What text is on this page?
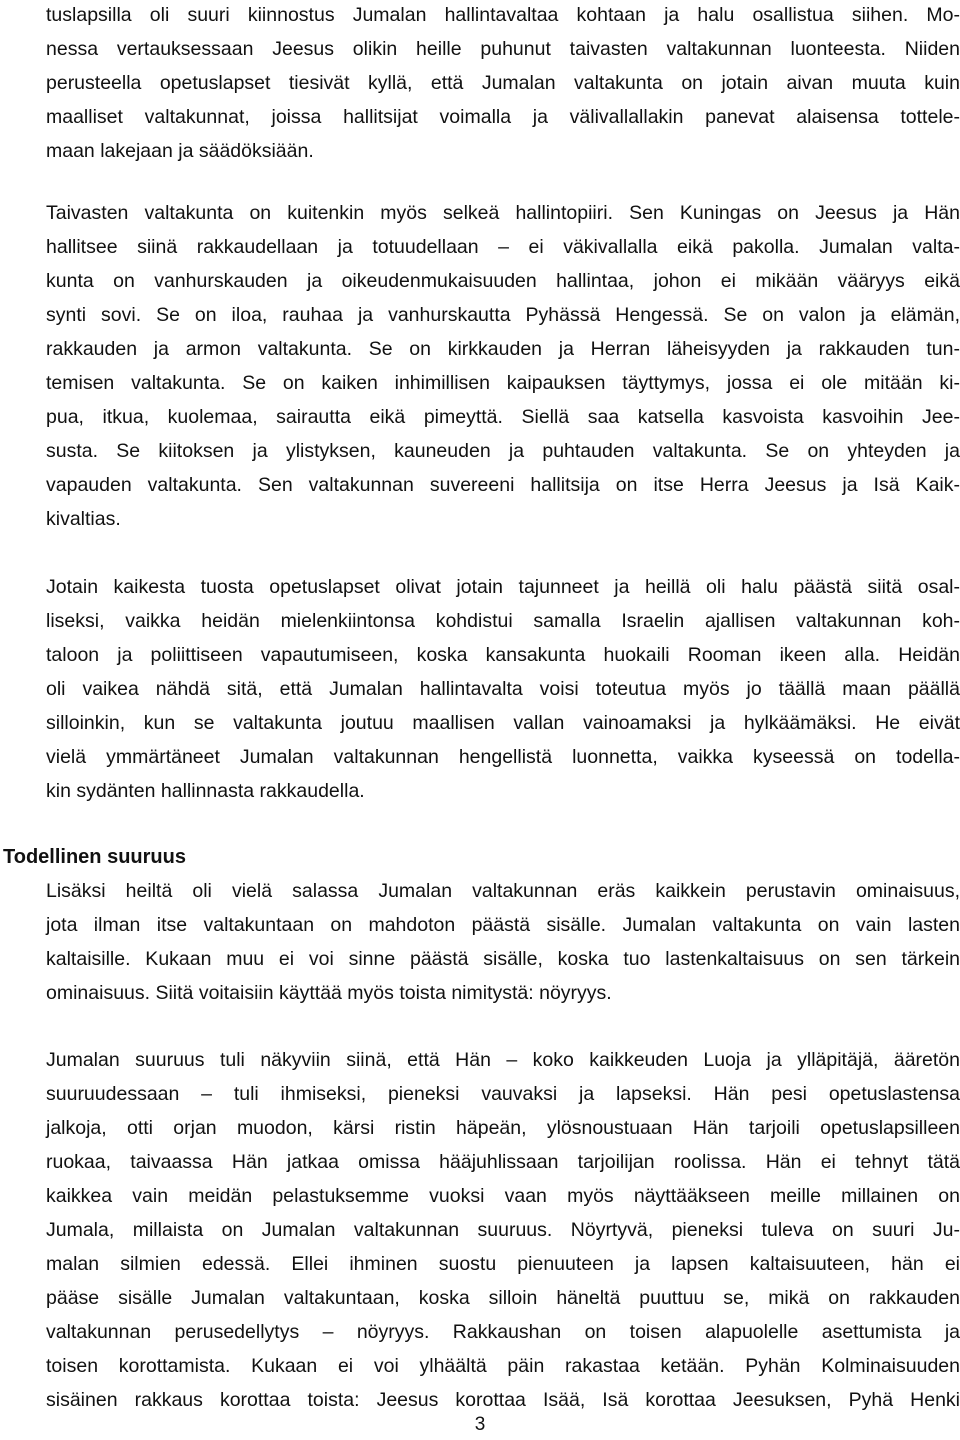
tuslapsilla oli suuri kiinnostus Jumalan hallintavaltaa kohtaan ja halu osallistua siihen. Mo-
nessa vertauksessaan Jeesus olikin heille puhunut taivasten valtakunnan luonteesta. Niiden
perusteella opetuslapset tiesivät kyllä, että Jumalan valtakunta on jotain aivan muuta kuin
maalliset valtakunnat, joissa hallitsijat voimalla ja välivallallakin panevat alaisensa tottele-
maan lakejaan ja säädöksiään.
Taivasten valtakunta on kuitenkin myös selkeä hallintopiiri. Sen Kuningas on Jeesus ja Hän
hallitsee siinä rakkaudellaan ja totuudellaan – ei väkivallalla eikä pakolla. Jumalan valta-
kunta on vanhurskauden ja oikeudenmukaisuuden hallintaa, johon ei mikään vääryys eikä
synti sovi. Se on iloa, rauhaa ja vanhurskautta Pyhässä Hengessä. Se on valon ja elämän,
rakkauden ja armon valtakunta. Se on kirkkauden ja Herran läheisyyden ja rakkauden tun-
temisen valtakunta. Se on kaiken inhimillisen kaipauksen täyttymys, jossa ei ole mitään ki-
pua, itkua, kuolemaa, sairautta eikä pimeyttä. Siellä saa katsella kasvoista kasvoihin Jee-
susta. Se kiitoksen ja ylistyksen, kauneuden ja puhtauden valtakunta. Se on yhteyden ja
vapauden valtakunta. Sen valtakunnan suvereeni hallitsija on itse Herra Jeesus ja Isä Kaik-
kivaltias.
Jotain kaikesta tuosta opetuslapset olivat jotain tajunneet ja heillä oli halu päästä siitä osal-
liseksi, vaikka heidän mielenkiintonsa kohdistui samalla Israelin ajallisen valtakunnan koh-
taloon ja poliittiseen vapautumiseen, koska kansakunta huokaili Rooman ikeen alla. Heidän
oli vaikea nähdä sitä, että Jumalan hallintavalta voisi toteutua myös jo täällä maan päällä
silloinkin, kun se valtakunta joutuu maallisen vallan vainoamaksi ja hylkäämäksi. He eivät
vielä ymmärtäneet Jumalan valtakunnan hengellistä luonnetta, vaikka kyseessä on todella-
kin sydänten hallinnasta rakkaudella.
Todellinen suuruus
Lisäksi heiltä oli vielä salassa Jumalan valtakunnan eräs kaikkein perustavin ominaisuus,
jota ilman itse valtakuntaan on mahdoton päästä sisälle. Jumalan valtakunta on vain lasten
kaltaisille. Kukaan muu ei voi sinne päästä sisälle, koska tuo lastenkaltaisuus on sen tärkein
ominaisuus. Siitä voitaisiin käyttää myös toista nimitystä: nöyryys.
Jumalan suuruus tuli näkyviin siinä, että Hän – koko kaikkeuden Luoja ja ylläpitäjä, ääretön
suuruudessaan – tuli ihmiseksi, pieneksi vauvaksi ja lapseksi. Hän pesi opetuslastensa
jalkoja, otti orjan muodon, kärsi ristin häpeän, ylösnoustuaan Hän tarjoili opetuslapsilleen
ruokaa, taivaassa Hän jatkaa omissa hääjuhlissaan tarjoilijan roolissa. Hän ei tehnyt tätä
kaikkea vain meidän pelastuksemme vuoksi vaan myös näyttääkseen meille millainen on
Jumala, millaista on Jumalan valtakunnan suuruus. Nöyrtyvä, pieneksi tuleva on suuri Ju-
malan silmien edessä. Ellei ihminen suostu pienuuteen ja lapsen kaltaisuuteen, hän ei
pääse sisälle Jumalan valtakuntaan, koska silloin häneltä puuttuu se, mikä on rakkauden
valtakunnan perusedellytys – nöyryys. Rakkaushan on toisen alapuolelle asettumista ja
toisen korottamista. Kukaan ei voi ylhäältä päin rakastaa ketään. Pyhän Kolminaisuuden
sisäinen rakkaus korottaa toista: Jeesus korottaa Isää, Isä korottaa Jeesuksen, Pyhä Henki
3
